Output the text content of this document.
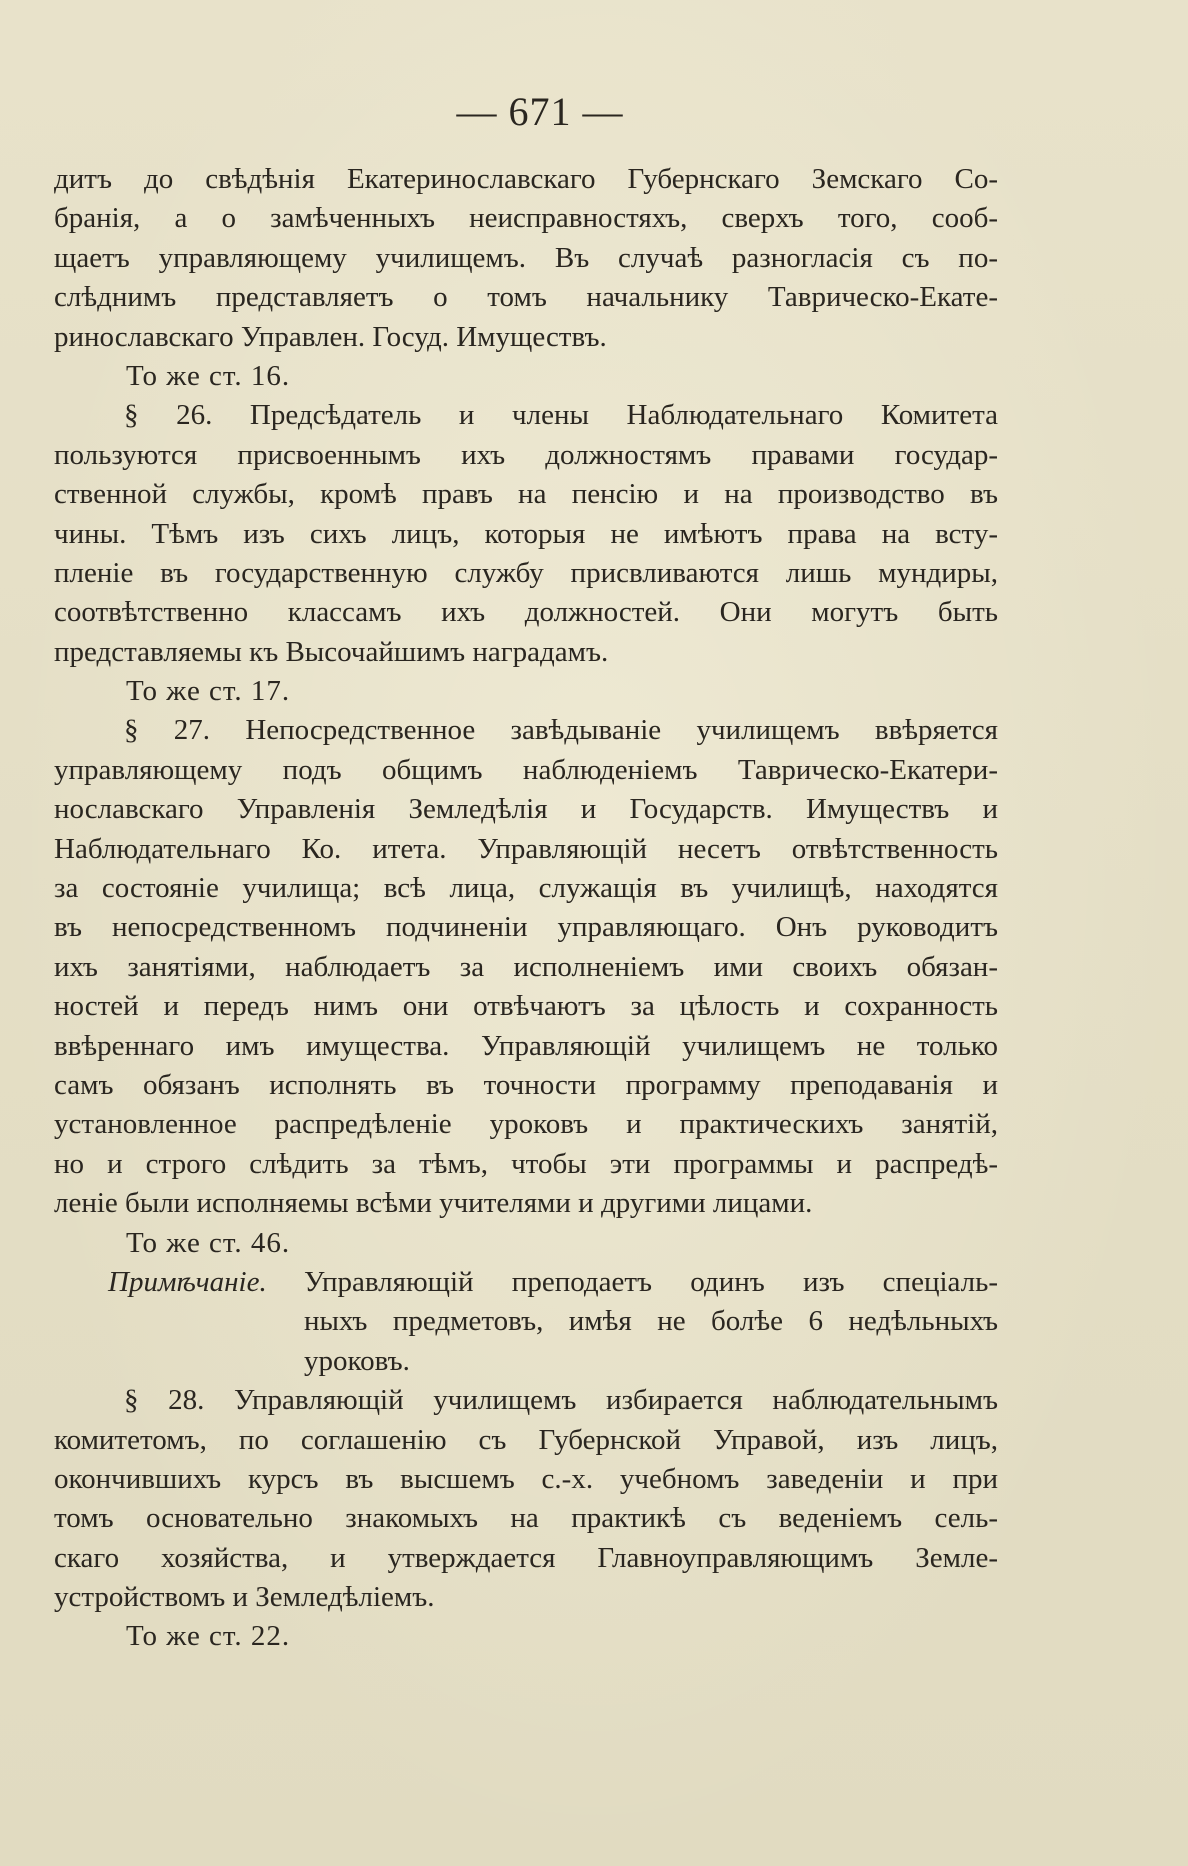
— 671 —
дитъ до свѣдѣнія Екатеринославскаго Губернскаго Земскаго Со-
бранія, а о замѣченныхъ неисправностяхъ, сверхъ того, сооб-
щаетъ управляющему училищемъ. Въ случаѣ разногласія съ по-
слѣднимъ представляетъ о томъ начальнику Таврическо-Екате-
ринославскаго Управлен. Госуд. Имуществъ.
То же ст. 16.
§ 26. Предсѣдатель и члены Наблюдательнаго Комитета
пользуются присвоеннымъ ихъ должностямъ правами государ-
ственной службы, кромѣ правъ на пенсію и на производство въ
чины. Тѣмъ изъ сихъ лицъ, которыя не имѣютъ права на всту-
пленіе въ государственную службу присвливаются лишь мундиры,
соотвѣтственно классамъ ихъ должностей. Они могутъ быть
представляемы къ Высочайшимъ наградамъ.
То же ст. 17.
§ 27. Непосредственное завѣдываніе училищемъ ввѣряется
управляющему подъ общимъ наблюденіемъ Таврическо-Екатери-
нославскаго Управленія Земледѣлія и Государств. Имуществъ и
Наблюдательнаго Ко. итета. Управляющій несетъ отвѣтственность
за состояніе училища; всѣ лица, служащія въ училищѣ, находятся
въ непосредственномъ подчиненіи управляющаго. Онъ руководитъ
ихъ занятіями, наблюдаетъ за исполненіемъ ими своихъ обязан-
ностей и передъ нимъ они отвѣчаютъ за цѣлость и сохранность
ввѣреннаго имъ имущества. Управляющій училищемъ не только
самъ обязанъ исполнять въ точности программу преподаванія и
установленное распредѣленіе уроковъ и практическихъ занятій,
но и строго слѣдить за тѣмъ, чтобы эти программы и распредѣ-
леніе были исполняемы всѣми учителями и другими лицами.
То же ст. 46.
Примѣчаніе.	Управляющій преподаетъ одинъ изъ спеціаль-
ныхъ предметовъ, имѣя не болѣе 6 недѣльныхъ
уроковъ.
§ 28. Управляющій училищемъ избирается наблюдательнымъ
комитетомъ, по соглашенію съ Губернской Управой, изъ лицъ,
окончившихъ курсъ въ высшемъ с.-х. учебномъ заведеніи и при
томъ основательно знакомыхъ на практикѣ съ веденіемъ сель-
скаго хозяйства, и утверждается Главноуправляющимъ Земле-
устройствомъ и Земледѣліемъ.
То же ст. 22.
